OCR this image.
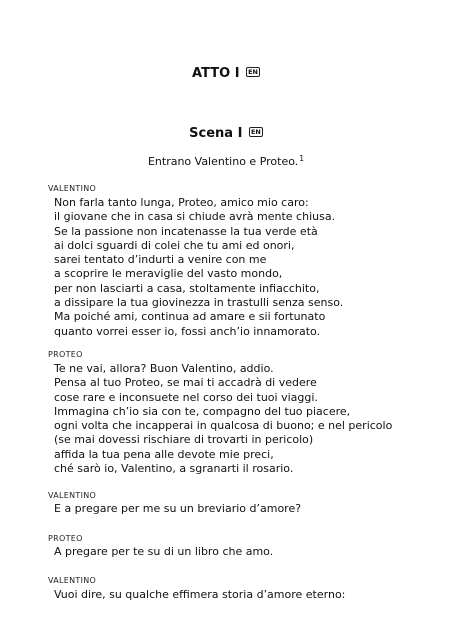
ATTO I EN
Scena I EN
Entrano Valentino e Proteo.$^1$
VALENTINO
Non farla tanto lunga, Proteo, amico mio caro:
il giovane che in casa si chiude avrà mente chiusa.
Se la passione non incatenasse la tua verde età
ai dolci sguardi di colei che tu ami ed onori,
sarei tentato d’indurti a venire con me
a scoprire le meraviglie del vasto mondo,
per non lasciarti a casa, stoltamente infiacchito,
a dissipare la tua giovinezza in trastulli senza senso.
Ma poiché ami, continua ad amare e sii fortunato
quanto vorrei esser io, fossi anch’io innamorato.
PROTEO
Te ne vai, allora? Buon Valentino, addio.
Pensa al tuo Proteo, se mai ti accadrà di vedere
cose rare e inconsuete nel corso dei tuoi viaggi.
Immagina ch’io sia con te, compagno del tuo piacere,
ogni volta che incapperai in qualcosa di buono; e nel pericolo
(se mai dovessi rischiare di trovarti in pericolo)
affida la tua pena alle devote mie preci,
ché sarò io, Valentino, a sgranarti il rosario.
VALENTINO
E a pregare per me su un breviario d’amore?
PROTEO
A pregare per te su di un libro che amo.
VALENTINO
Vuoi dire, su qualche effimera storia d’amore eterno:
